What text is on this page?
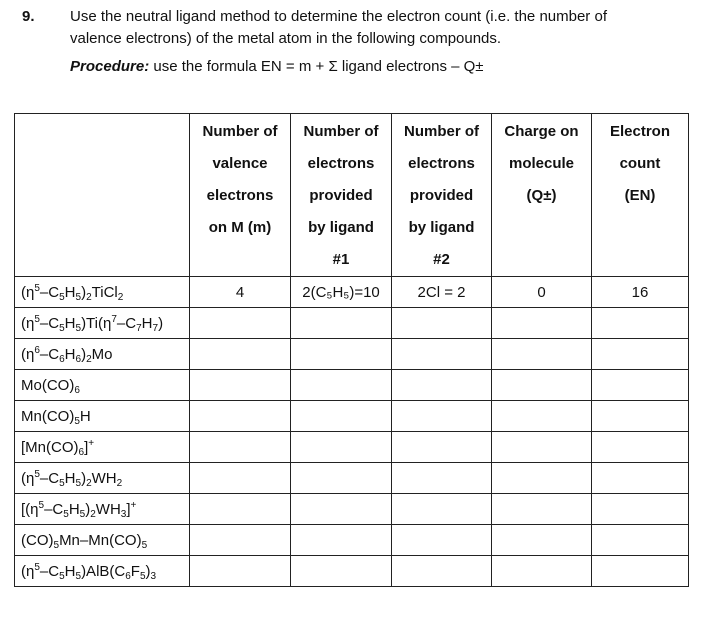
9. Use the neutral ligand method to determine the electron count (i.e. the number of

valence electrons) of the metal atom in the following compounds.

Procedure: use the formula EN = m + Σ ligand electrons – Q±

	Number of
valence
electrons
on M (m)	Number of
electrons
provided
by ligand
#1	Number of
electrons
provided
by ligand
#2	Charge on
molecule
(Q±)	Electron
count
(EN)

$(\eta^5-C_5H_5)_2TiCl_2$	4	2(C₅H₅)=10	2Cl = 2	0	16
$(\eta^5-C_5H_5)Ti(\eta^7-C_7H_7)$					
$(\eta^6-C_6H_6)_2Mo$					
$Mo(CO)_6$					
$Mn(CO)_5H$					
$[Mn(CO)_6]^+$					
$(\eta^5-C_5H_5)_2WH_2$					
$[(\eta^5-C_5H_5)_2WH_3]^+$					
$(CO)_5Mn-Mn(CO)_5$					
$(\eta^5-C_5H_5)AlB(C_6F_5)_3$					
